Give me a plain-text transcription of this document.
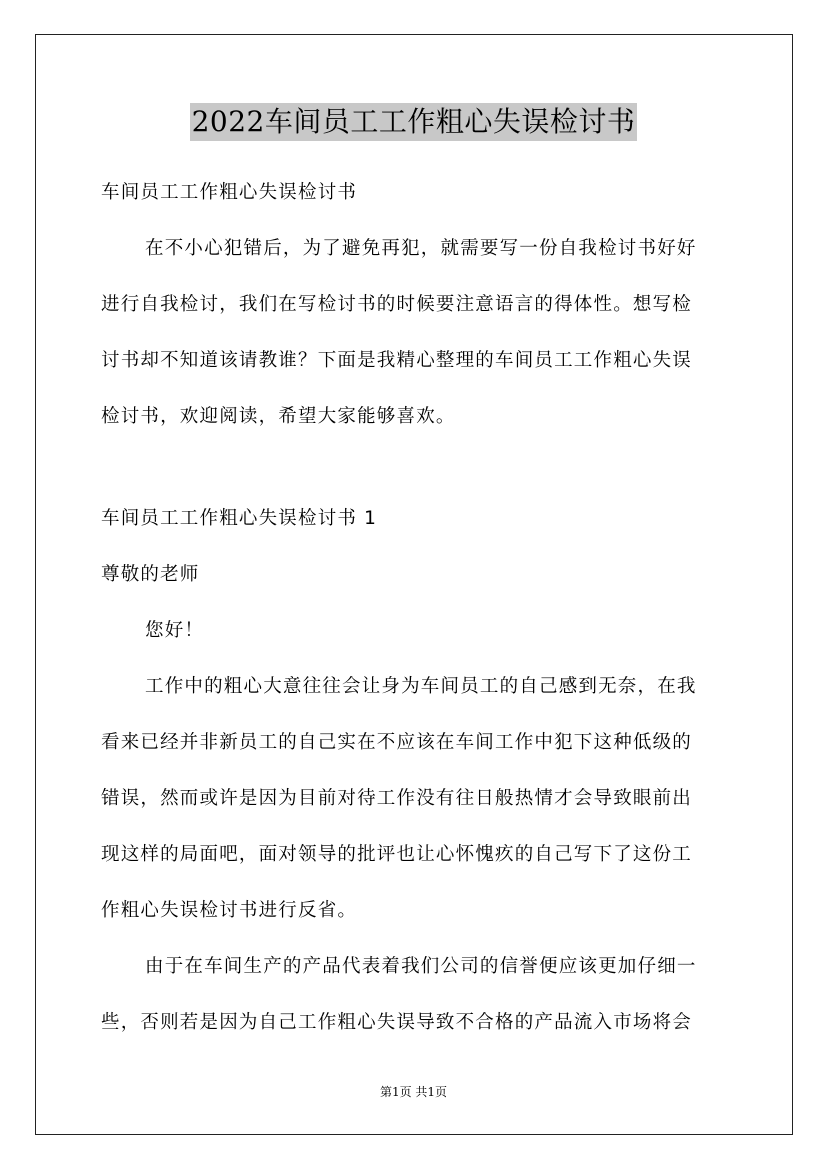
2022车间员工工作粗心失误检讨书

车间员工工作粗心失误检讨书

在不小心犯错后，为了避免再犯，就需要写一份自我检讨书好好

进行自我检讨，我们在写检讨书的时候要注意语言的得体性。想写检

讨书却不知道该请教谁？下面是我精心整理的车间员工工作粗心失误

检讨书，欢迎阅读，希望大家能够喜欢。

车间员工工作粗心失误检讨书 1

尊敬的老师

您好！

工作中的粗心大意往往会让身为车间员工的自己感到无奈，在我

看来已经并非新员工的自己实在不应该在车间工作中犯下这种低级的

错误，然而或许是因为目前对待工作没有往日般热情才会导致眼前出

现这样的局面吧，面对领导的批评也让心怀愧疚的自己写下了这份工

作粗心失误检讨书进行反省。

由于在车间生产的产品代表着我们公司的信誉便应该更加仔细一

些，否则若是因为自己工作粗心失误导致不合格的产品流入市场将会

第1页 共1页
